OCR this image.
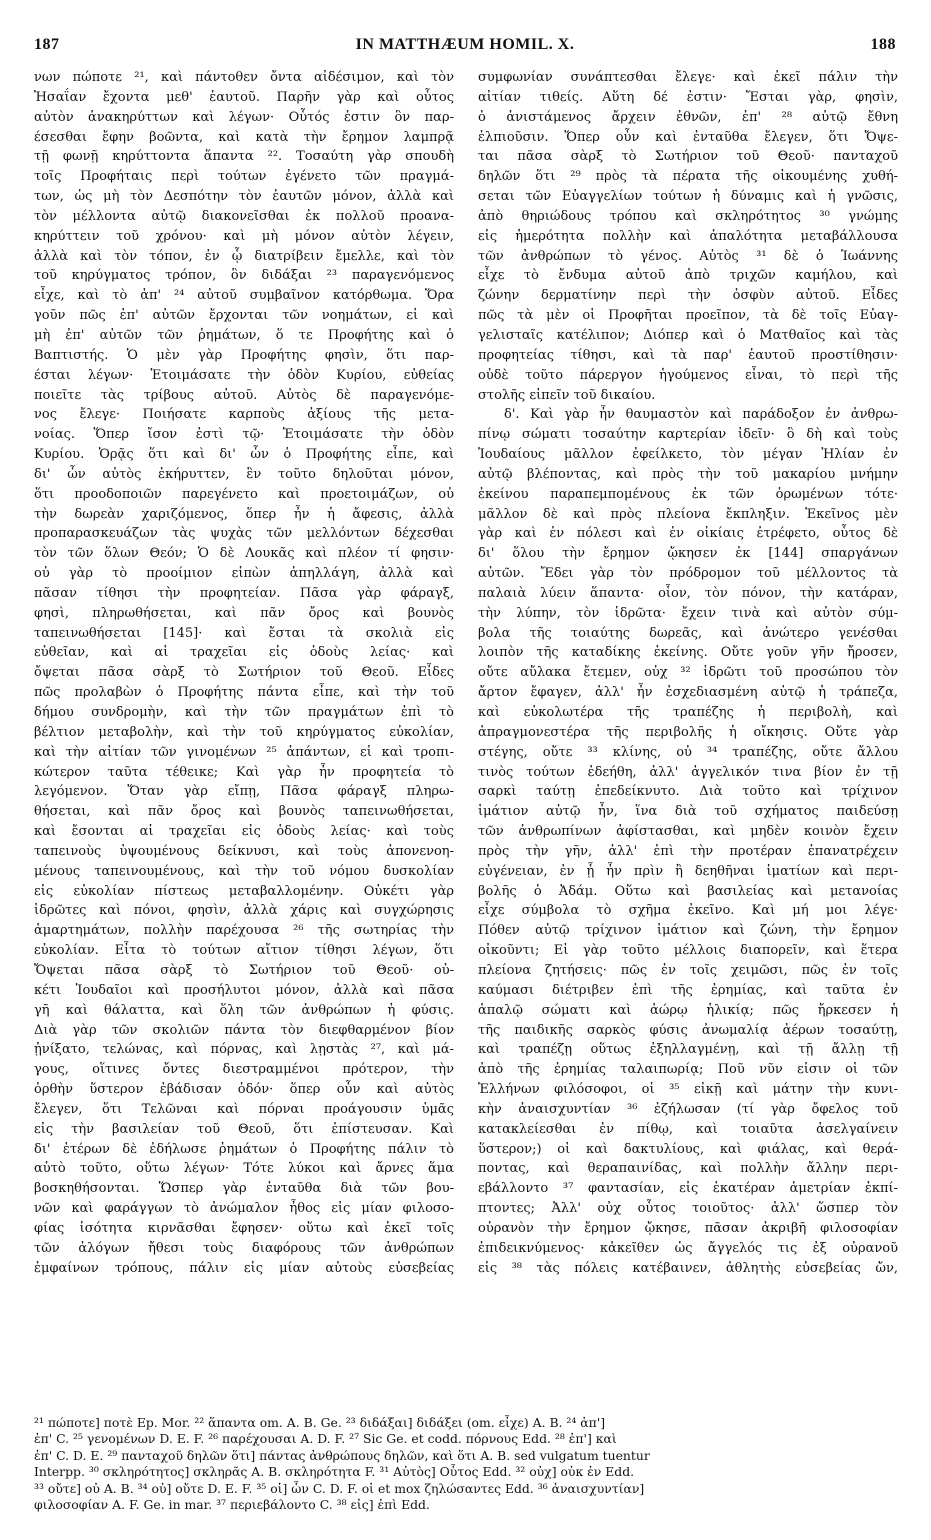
187	IN MATTHÆUM HOMIL. X.	188
νων πώποτε ²¹, καὶ πάντοθεν ὄντα αἰδέσιμον, καὶ τὸν
Ἡσαΐαν ἔχοντα μεθ' ἑαυτοῦ. Παρῆν γὰρ καὶ οὗτος
αὐτὸν ἀνακηρύττων καὶ λέγων· Οὗτός ἐστιν ὃν παρ-
έσεσθαι ἔφην βοῶντα, καὶ κατὰ τὴν ἔρημον λαμπρᾷ
τῇ φωνῇ κηρύττοντα ἅπαντα ²². Τοσαύτη γὰρ σπουδὴ
τοῖς Προφήταις περὶ τούτων ἐγένετο τῶν πραγμά-
των, ὡς μὴ τὸν Δεσπότην τὸν ἑαυτῶν μόνον, ἀλλὰ καὶ
τὸν μέλλοντα αὐτῷ διακονεῖσθαι ἐκ πολλοῦ προανα-
κηρύττειν τοῦ χρόνου· καὶ μὴ μόνον αὐτὸν λέγειν,
ἀλλὰ καὶ τὸν τόπον, ἐν ᾧ διατρίβειν ἔμελλε, καὶ τὸν
τοῦ κηρύγματος τρόπον, ὃν διδάξαι ²³ παραγενόμενος
εἶχε, καὶ τὸ ἀπ' ²⁴ αὐτοῦ συμβαῖνον κατόρθωμα. Ὅρα
γοῦν πῶς ἐπ' αὐτῶν ἔρχονται τῶν νοημάτων, εἰ καὶ
μὴ ἐπ' αὐτῶν τῶν ῥημάτων, ὅ τε Προφήτης καὶ ὁ
Βαπτιστής. Ὁ μὲν γὰρ Προφήτης φησὶν, ὅτι παρ-
έσται λέγων· Ἑτοιμάσατε τὴν ὁδὸν Κυρίου, εὐθείας
ποιεῖτε τὰς τρίβους αὐτοῦ. Αὐτὸς δὲ παραγενόμε-
νος ἔλεγε· Ποιήσατε καρποὺς ἀξίους τῆς μετα-
νοίας. Ὅπερ ἴσον ἐστὶ τῷ· Ἑτοιμάσατε τὴν ὁδὸν
Κυρίου. Ὁρᾷς ὅτι καὶ δι' ὧν ὁ Προφήτης εἶπε, καὶ
δι' ὧν αὐτὸς ἐκήρυττεν, ἓν τοῦτο δηλοῦται μόνον,
ὅτι προοδοποιῶν παρεγένετο καὶ προετοιμάζων, οὐ
τὴν δωρεὰν χαριζόμενος, ὅπερ ἦν ἡ ἄφεσις, ἀλλὰ
προπαρασκευάζων τὰς ψυχὰς τῶν μελλόντων δέχεσθαι
τὸν τῶν ὅλων Θεόν; Ὁ δὲ Λουκᾶς καὶ πλέον τί φησιν·
οὐ γὰρ τὸ προοίμιον εἰπὼν ἀπηλλάγη, ἀλλὰ καὶ
πᾶσαν τίθησι τὴν προφητείαν. Πᾶσα γὰρ φάραγξ,
φησὶ, πληρωθήσεται, καὶ πᾶν ὄρος καὶ βουνὸς
ταπεινωθήσεται [145]· καὶ ἔσται τὰ σκολιὰ εἰς
εὐθεῖαν, καὶ αἱ τραχεῖαι εἰς ὁδοὺς λείας· καὶ
ὄψεται πᾶσα σὰρξ τὸ Σωτήριον τοῦ Θεοῦ. Εἶδες
πῶς προλαβὼν ὁ Προφήτης πάντα εἶπε, καὶ τὴν τοῦ
δήμου συνδρομὴν, καὶ τὴν τῶν πραγμάτων ἐπὶ τὸ
βέλτιον μεταβολὴν, καὶ τὴν τοῦ κηρύγματος εὐκολίαν,
καὶ τὴν αἰτίαν τῶν γινομένων ²⁵ ἁπάντων, εἰ καὶ τροπι-
κώτερον ταῦτα τέθεικε; Καὶ γὰρ ἦν προφητεία τὸ
λεγόμενον. Ὅταν γὰρ εἴπῃ, Πᾶσα φάραγξ πληρω-
θήσεται, καὶ πᾶν ὄρος καὶ βουνὸς ταπεινωθήσεται,
καὶ ἔσονται αἱ τραχεῖαι εἰς ὁδοὺς λείας· καὶ τοὺς
ταπεινοὺς ὑψουμένους δείκνυσι, καὶ τοὺς ἀπονενοη-
μένους ταπεινουμένους, καὶ τὴν τοῦ νόμου δυσκολίαν
εἰς εὐκολίαν πίστεως μεταβαλλομένην. Οὐκέτι γὰρ
ἱδρῶτες καὶ πόνοι, φησὶν, ἀλλὰ χάρις καὶ συγχώρησις
ἁμαρτημάτων, πολλὴν παρέχουσα ²⁶ τῆς σωτηρίας τὴν
εὐκολίαν. Εἶτα τὸ τούτων αἴτιον τίθησι λέγων, ὅτι
Ὄψεται πᾶσα σὰρξ τὸ Σωτήριον τοῦ Θεοῦ· οὐ-
κέτι Ἰουδαῖοι καὶ προσήλυτοι μόνον, ἀλλὰ καὶ πᾶσα
γῆ καὶ θάλαττα, καὶ ὅλη τῶν ἀνθρώπων ἡ φύσις.
Διὰ γὰρ τῶν σκολιῶν πάντα τὸν διεφθαρμένον βίον
ᾐνίξατο, τελώνας, καὶ πόρνας, καὶ λῃστὰς ²⁷, καὶ μά-
γους, οἵτινες ὄντες διεστραμμένοι πρότερον, τὴν
ὀρθὴν ὕστερον ἐβάδισαν ὁδόν· ὅπερ οὖν καὶ αὐτὸς
ἔλεγεν, ὅτι Τελῶναι καὶ πόρναι προάγουσιν ὑμᾶς
εἰς τὴν βασιλείαν τοῦ Θεοῦ, ὅτι ἐπίστευσαν. Καὶ
δι' ἑτέρων δὲ ἐδήλωσε ῥημάτων ὁ Προφήτης πάλιν τὸ
αὐτὸ τοῦτο, οὕτω λέγων· Τότε λύκοι καὶ ἄρνες ἅμα
βοσκηθήσονται. Ὥσπερ γὰρ ἐνταῦθα διὰ τῶν βου-
νῶν καὶ φαράγγων τὸ ἀνώμαλον ἦθος εἰς μίαν φιλοσο-
φίας ἰσότητα κιρνᾶσθαι ἔφησεν· οὕτω καὶ ἐκεῖ τοῖς
τῶν ἀλόγων ἤθεσι τοὺς διαφόρους τῶν ἀνθρώπων
ἐμφαίνων τρόπους, πάλιν εἰς μίαν αὐτοὺς εὐσεβείας
συμφωνίαν συνάπτεσθαι ἔλεγε· καὶ ἐκεῖ πάλιν τὴν
αἰτίαν τιθείς. Αὕτη δέ ἐστιν· Ἔσται γὰρ, φησὶν,
ὁ ἀνιστάμενος ἄρχειν ἐθνῶν, ἐπ' ²⁸ αὐτῷ ἔθνη
ἐλπιοῦσιν. Ὅπερ οὖν καὶ ἐνταῦθα ἔλεγεν, ὅτι Ὄψε-
ται πᾶσα σὰρξ τὸ Σωτήριον τοῦ Θεοῦ· πανταχοῦ
δηλῶν ὅτι ²⁹ πρὸς τὰ πέρατα τῆς οἰκουμένης χυθή-
σεται τῶν Εὐαγγελίων τούτων ἡ δύναμις καὶ ἡ γνῶσις,
ἀπὸ θηριώδους τρόπου καὶ σκληρότητος ³⁰ γνώμης
εἰς ἡμερότητα πολλὴν καὶ ἁπαλότητα μεταβάλλουσα
τῶν ἀνθρώπων τὸ γένος. Αὐτὸς ³¹ δὲ ὁ Ἰωάννης
εἶχε τὸ ἔνδυμα αὐτοῦ ἀπὸ τριχῶν καμήλου, καὶ
ζώνην δερματίνην περὶ τὴν ὀσφὺν αὐτοῦ. Εἶδες
πῶς τὰ μὲν οἱ Προφῆται προεῖπον, τὰ δὲ τοῖς Εὐαγ-
γελισταῖς κατέλιπον; Διόπερ καὶ ὁ Ματθαῖος καὶ τὰς
προφητείας τίθησι, καὶ τὰ παρ' ἑαυτοῦ προστίθησιν·
οὐδὲ τοῦτο πάρεργον ἡγούμενος εἶναι, τὸ περὶ τῆς
στολῆς εἰπεῖν τοῦ δικαίου.
δ'. Καὶ γὰρ ἦν θαυμαστὸν καὶ παράδοξον ἐν ἀνθρω-
πίνῳ σώματι τοσαύτην καρτερίαν ἰδεῖν· ὃ δὴ καὶ τοὺς
Ἰουδαίους μᾶλλον ἐφείλκετο, τὸν μέγαν Ἠλίαν ἐν
αὐτῷ βλέποντας, καὶ πρὸς τὴν τοῦ μακαρίου μνήμην
ἐκείνου παραπεμπομένους ἐκ τῶν ὁρωμένων τότε·
μᾶλλον δὲ καὶ πρὸς πλείονα ἔκπληξιν. Ἐκεῖνος μὲν
γὰρ καὶ ἐν πόλεσι καὶ ἐν οἰκίαις ἐτρέφετο, οὗτος δὲ
δι' ὅλου τὴν ἔρημον ᾤκησεν ἐκ [144] σπαργάνων
αὐτῶν. Ἔδει γὰρ τὸν πρόδρομον τοῦ μέλλοντος τὰ
παλαιὰ λύειν ἅπαντα· οἷον, τὸν πόνον, τὴν κατάραν,
τὴν λύπην, τὸν ἱδρῶτα· ἔχειν τινὰ καὶ αὐτὸν σύμ-
βολα τῆς τοιαύτης δωρεᾶς, καὶ ἀνώτερο γενέσθαι
λοιπὸν τῆς καταδίκης ἐκείνης. Οὔτε γοῦν γῆν ἤροσεν,
οὔτε αὔλακα ἔτεμεν, οὐχ ³² ἱδρῶτι τοῦ προσώπου τὸν
ἄρτον ἔφαγεν, ἀλλ' ἦν ἐσχεδιασμένη αὐτῷ ἡ τράπεζα,
καὶ εὐκολωτέρα τῆς τραπέζης ἡ περιβολὴ, καὶ
ἀπραγμονεστέρα τῆς περιβολῆς ἡ οἴκησις. Οὔτε γὰρ
στέγης, οὔτε ³³ κλίνης, οὐ ³⁴ τραπέζης, οὔτε ἄλλου
τινὸς τούτων ἐδεήθη, ἀλλ' ἀγγελικόν τινα βίον ἐν τῇ
σαρκὶ ταύτῃ ἐπεδείκνυτο. Διὰ τοῦτο καὶ τρίχινον
ἱμάτιον αὐτῷ ἦν, ἵνα διὰ τοῦ σχήματος παιδεύσῃ
τῶν ἀνθρωπίνων ἀφίστασθαι, καὶ μηδὲν κοινὸν ἔχειν
πρὸς τὴν γῆν, ἀλλ' ἐπὶ τὴν προτέραν ἐπανατρέχειν
εὐγένειαν, ἐν ᾗ ἦν πρὶν ἢ δεηθῆναι ἱματίων καὶ περι-
βολῆς ὁ Ἀδάμ. Οὕτω καὶ βασιλείας καὶ μετανοίας
εἶχε σύμβολα τὸ σχῆμα ἐκεῖνο. Καὶ μή μοι λέγε·
Πόθεν αὐτῷ τρίχινον ἱμάτιον καὶ ζώνη, τὴν ἔρημον
οἰκοῦντι; Εἰ γὰρ τοῦτο μέλλοις διαπορεῖν, καὶ ἕτερα
πλείονα ζητήσεις· πῶς ἐν τοῖς χειμῶσι, πῶς ἐν τοῖς
καύμασι διέτριβεν ἐπὶ τῆς ἐρημίας, καὶ ταῦτα ἐν
ἁπαλῷ σώματι καὶ ἀώρῳ ἡλικίᾳ; πῶς ἤρκεσεν ἡ
τῆς παιδικῆς σαρκὸς φύσις ἀνωμαλίᾳ ἀέρων τοσαύτῃ,
καὶ τραπέζῃ οὕτως ἐξηλλαγμένῃ, καὶ τῇ ἄλλῃ τῇ
ἀπὸ τῆς ἐρημίας ταλαιπωρίᾳ; Ποῦ νῦν εἰσιν οἱ τῶν
Ἑλλήνων φιλόσοφοι, οἱ ³⁵ εἰκῇ καὶ μάτην τὴν κυνι-
κὴν ἀναισχυντίαν ³⁶ ἐζήλωσαν (τί γὰρ ὄφελος τοῦ
κατακλείεσθαι ἐν πίθῳ, καὶ τοιαῦτα ἀσελγαίνειν
ὕστερον;) οἱ καὶ δακτυλίους, καὶ φιάλας, καὶ θερά-
ποντας, καὶ θεραπαινίδας, καὶ πολλὴν ἄλλην περι-
εβάλλοντο ³⁷ φαντασίαν, εἰς ἑκατέραν ἀμετρίαν ἐκπί-
πτοντες; Ἀλλ' οὐχ οὗτος τοιοῦτος· ἀλλ' ὥσπερ τὸν
οὐρανὸν τὴν ἔρημον ᾤκησε, πᾶσαν ἀκριβῆ φιλοσοφίαν
ἐπιδεικνύμενος· κἀκεῖθεν ὡς ἄγγελός τις ἐξ οὐρανοῦ
εἰς ³⁸ τὰς πόλεις κατέβαινεν, ἀθλητὴς εὐσεβείας ὤν,
²¹ πώποτε] ποτὲ Ep. Mor. ²² ἅπαντα om. A. B. Ge. ²³ διδάξαι] διδάξει (om. εἶχε) A. B. ²⁴ ἀπ']
ἐπ' C. ²⁵ γενομένων D. E. F. ²⁶ παρέχουσαι A. D. F. ²⁷ Sic Ge. et codd. πόρνους Edd. ²⁸ ἐπ'] καὶ
ἐπ' C. D. E. ²⁹ πανταχοῦ δηλῶν ὅτι] πάντας ἀνθρώπους δηλῶν, καὶ ὅτι A. B. sed vulgatum tuentur
Interpp. ³⁰ σκληρότητος] σκληρᾶς A. B. σκληρότητα F. ³¹ Αὐτὸς] Οὗτος Edd. ³² οὐχ] οὐκ ἐν Edd.
³³ οὔτε] οὐ A. B. ³⁴ οὐ] οὔτε D. E. F. ³⁵ οἱ] ὧν C. D. F. οἱ et mox ζηλώσαντες Edd. ³⁶ ἀναισχυντίαν]
φιλοσοφίαν A. F. Ge. in mar. ³⁷ περιεβάλοντο C. ³⁸ εἰς] ἐπὶ Edd.
